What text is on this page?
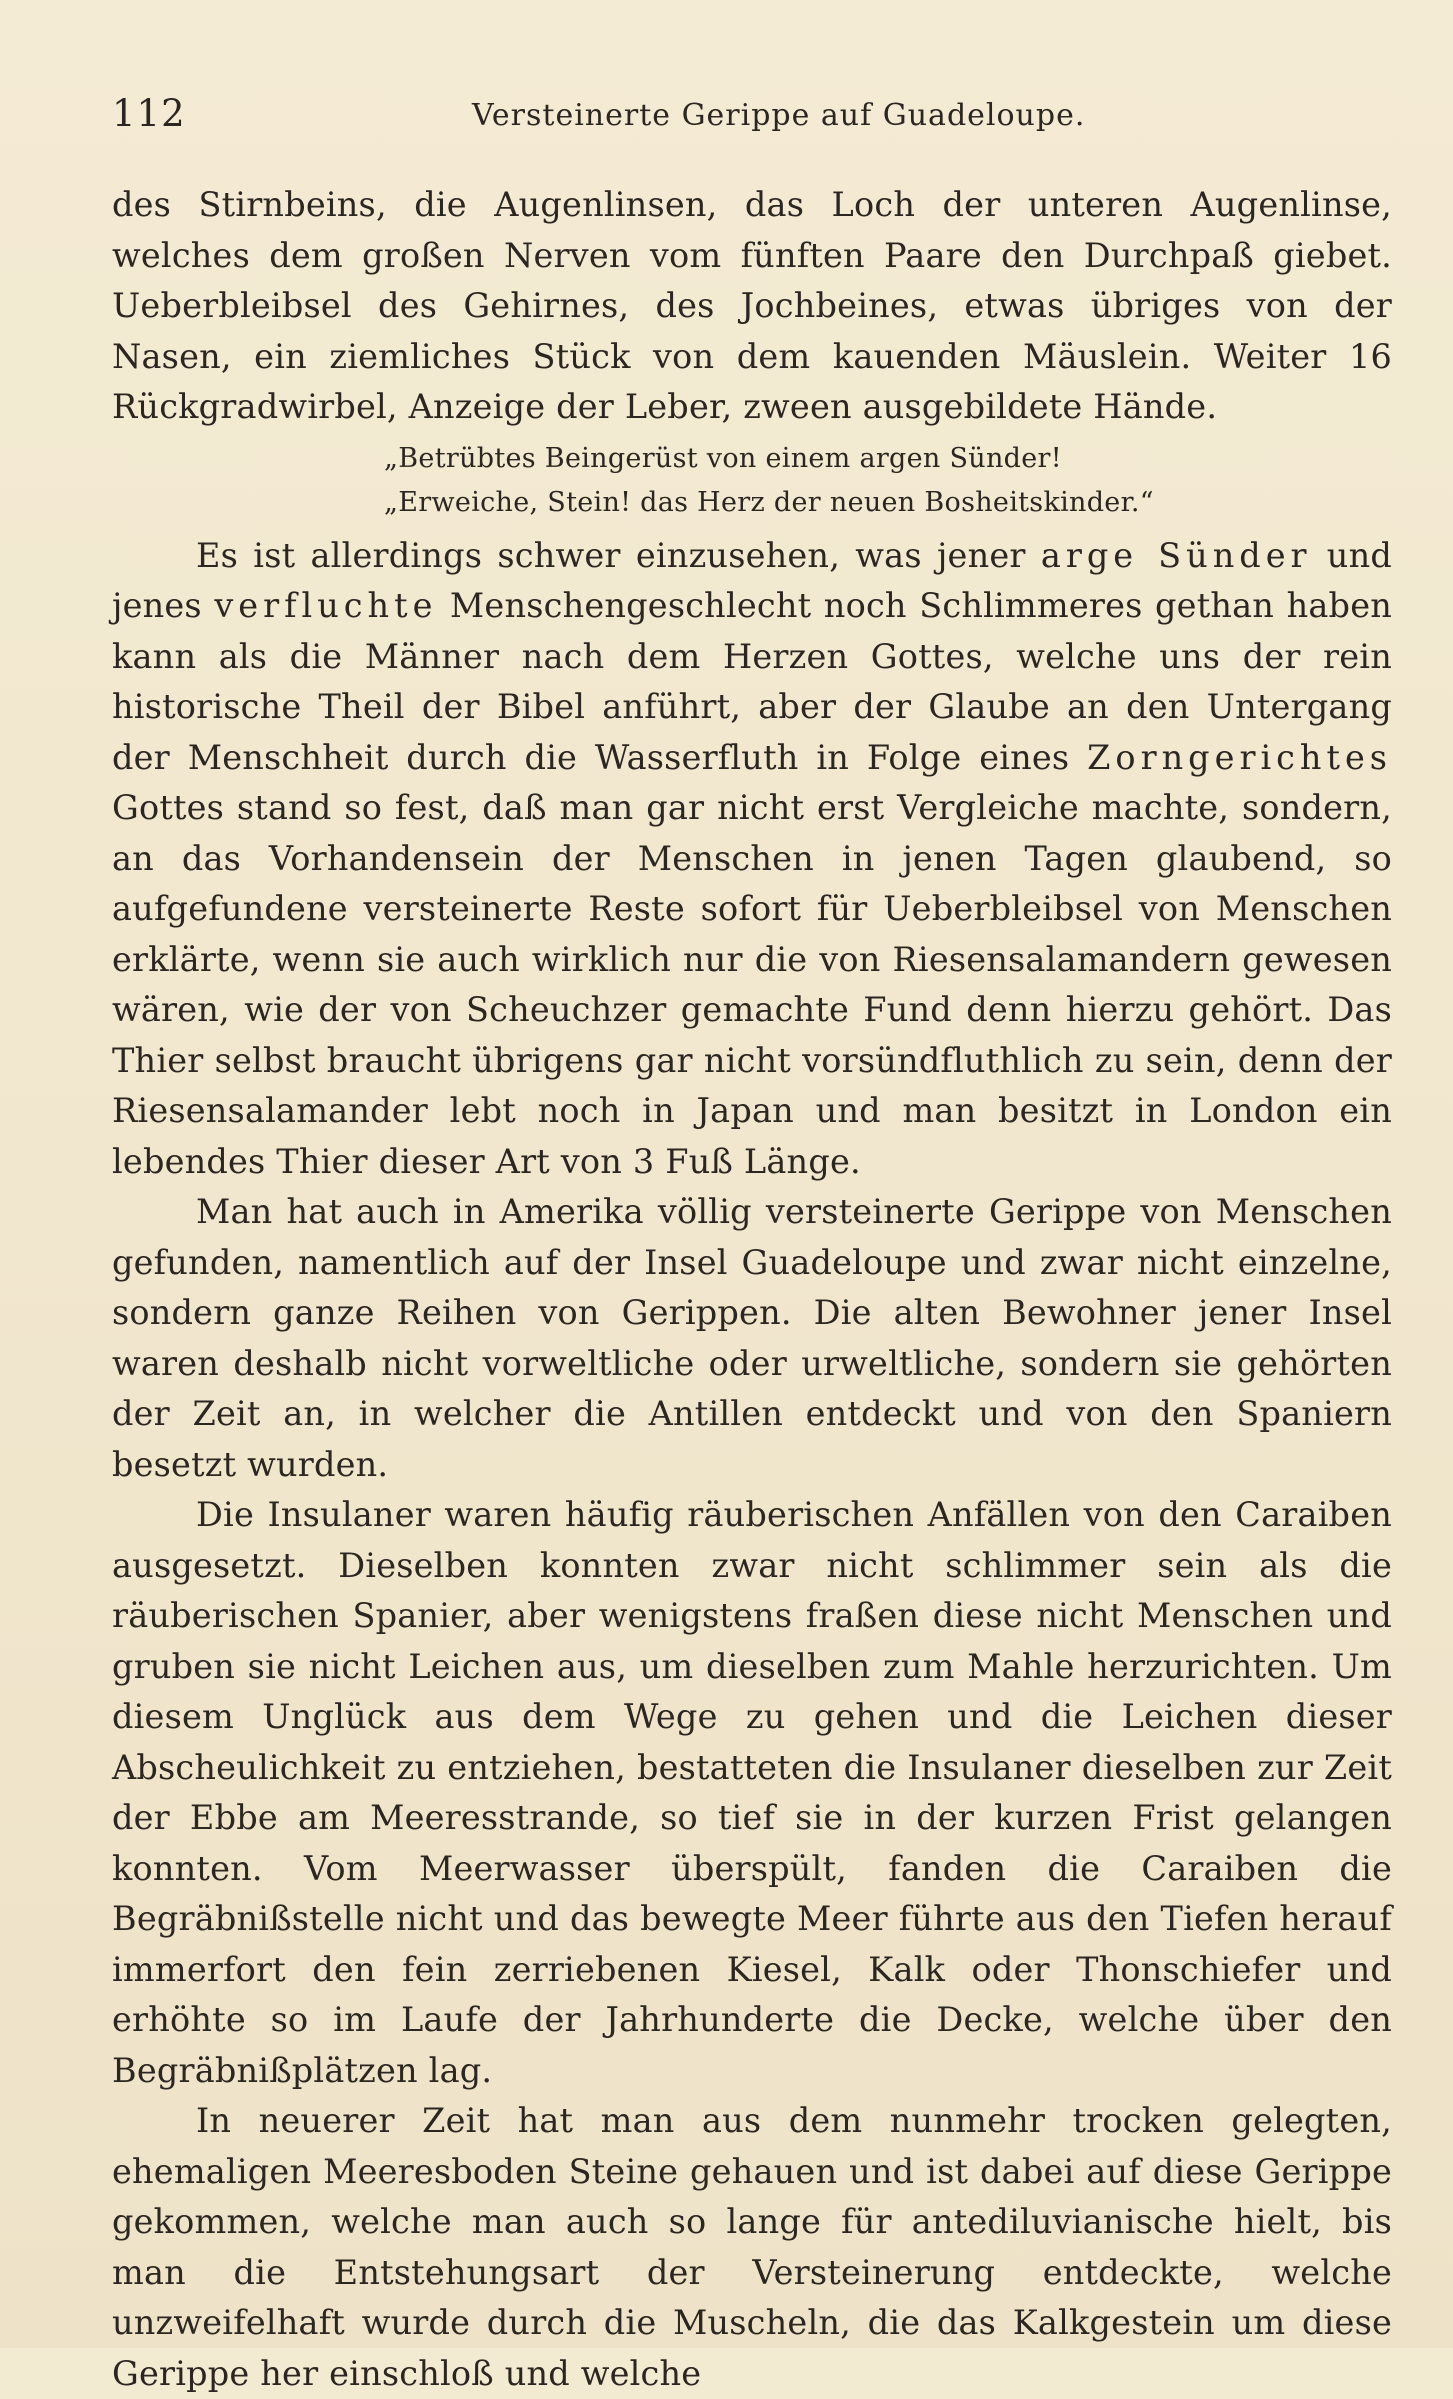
112	Versteinerte Gerippe auf Guadeloupe.

des Stirnbeins, die Augenlinsen, das Loch der unteren Augenlinse, welches dem großen Nerven vom fünften Paare den Durchpaß giebet. Ueberbleibsel des Gehirnes, des Jochbeines, etwas übriges von der Nasen, ein ziemliches Stück von dem kauenden Mäuslein. Weiter 16 Rückgradwirbel, Anzeige der Leber, zween ausgebildete Hände.

„Betrübtes Beingerüst von einem argen Sünder!
„Erweiche, Stein! das Herz der neuen Bosheitskinder.“

Es ist allerdings schwer einzusehen, was jener arge Sünder und jenes verfluchte Menschengeschlecht noch Schlimmeres gethan haben kann als die Männer nach dem Herzen Gottes, welche uns der rein historische Theil der Bibel anführt, aber der Glaube an den Untergang der Menschheit durch die Wasserfluth in Folge eines Zorngerichtes Gottes stand so fest, daß man gar nicht erst Vergleiche machte, sondern, an das Vorhandensein der Menschen in jenen Tagen glaubend, so aufgefundene versteinerte Reste sofort für Ueberbleibsel von Menschen erklärte, wenn sie auch wirklich nur die von Riesensalamandern gewesen wären, wie der von Scheuchzer gemachte Fund denn hierzu gehört. Das Thier selbst braucht übrigens gar nicht vorsündfluthlich zu sein, denn der Riesensalamander lebt noch in Japan und man besitzt in London ein lebendes Thier dieser Art von 3 Fuß Länge.

Man hat auch in Amerika völlig versteinerte Gerippe von Menschen gefunden, namentlich auf der Insel Guadeloupe und zwar nicht einzelne, sondern ganze Reihen von Gerippen. Die alten Bewohner jener Insel waren deshalb nicht vorweltliche oder urweltliche, sondern sie gehörten der Zeit an, in welcher die Antillen entdeckt und von den Spaniern besetzt wurden.

Die Insulaner waren häufig räuberischen Anfällen von den Caraiben ausgesetzt. Dieselben konnten zwar nicht schlimmer sein als die räuberischen Spanier, aber wenigstens fraßen diese nicht Menschen und gruben sie nicht Leichen aus, um dieselben zum Mahle herzurichten. Um diesem Unglück aus dem Wege zu gehen und die Leichen dieser Abscheulichkeit zu entziehen, bestatteten die Insulaner dieselben zur Zeit der Ebbe am Meeresstrande, so tief sie in der kurzen Frist gelangen konnten. Vom Meerwasser überspült, fanden die Caraiben die Begräbnißstelle nicht und das bewegte Meer führte aus den Tiefen herauf immerfort den fein zerriebenen Kiesel, Kalk oder Thonschiefer und erhöhte so im Laufe der Jahrhunderte die Decke, welche über den Begräbnißplätzen lag.

In neuerer Zeit hat man aus dem nunmehr trocken gelegten, ehemaligen Meeresboden Steine gehauen und ist dabei auf diese Gerippe gekommen, welche man auch so lange für antediluvianische hielt, bis man die Entstehungsart der Versteinerung entdeckte, welche unzweifelhaft wurde durch die Muscheln, die das Kalkgestein um diese Gerippe her einschloß und welche
